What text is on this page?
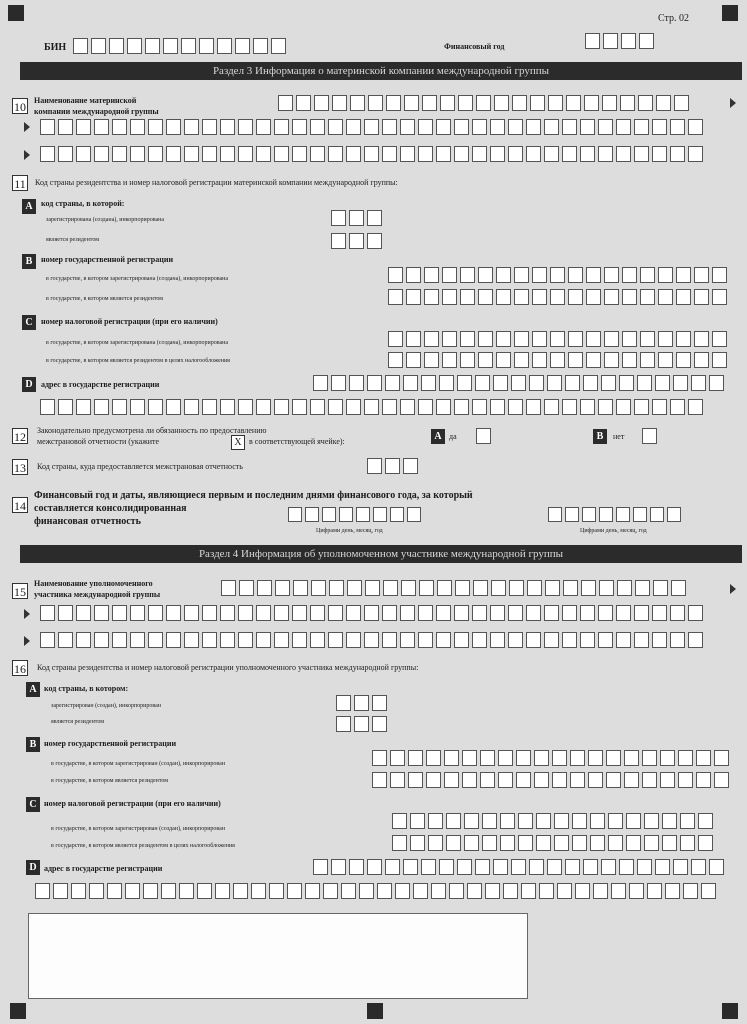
Стр. 02
БИН	Финансовый год
Раздел 3 Информация о материнской компании международной группы
10 Наименование материнской
компании международной группы
11 Код страны резидентства и номер налоговой регистрации материнской компании международной группы:
A	код страны, в которой:
зарегистрирована (создана), инкорпорирована
является резидентом
B	номер государственной регистрации
в государстве, в котором зарегистрирована (создана), инкорпорирована
в государстве, в котором является резидентом
C	номер налоговой регистрации (при его наличии)
в государстве, в котором зарегистрирована (создана), инкорпорирована
в государстве, в котором является резидентом в целях налогообложения
D	адрес в государстве регистрации
12 Законодательно предусмотрена ли обязанность по предоставлению
межстрановой отчетности (укажите	X в соответствующей ячейке):	A да	B	нет
13 Код страны, куда предоставляется межстрановая отчетность
14
Финансовый год и даты, являющиеся первым и последним днями финансового года, за который
составляется консолидированная
финансовая отчетность
Цифрами день, месяц, год	Цифрами день, месяц, год
Раздел 4 Информация об уполномоченном участнике международной группы
15
Наименование уполномоченного
участника международной группы
16 Код страны резидентства и номер налоговой регистрации уполномоченного участника международной группы:
A код страны, в котором:
зарегистрирован (создан), инкорпорирован
является резидентом
B номер государственной регистрации
в государстве, в котором зарегистрирован (создан), инкорпорирован
в государстве, в котором является резидентом
C номер налоговой регистрации (при его наличии)
в государстве, в котором зарегистрирован (создан), инкорпорирован
в государстве, в котором является резидентом в целях налогообложения
D адрес в государстве регистрации
